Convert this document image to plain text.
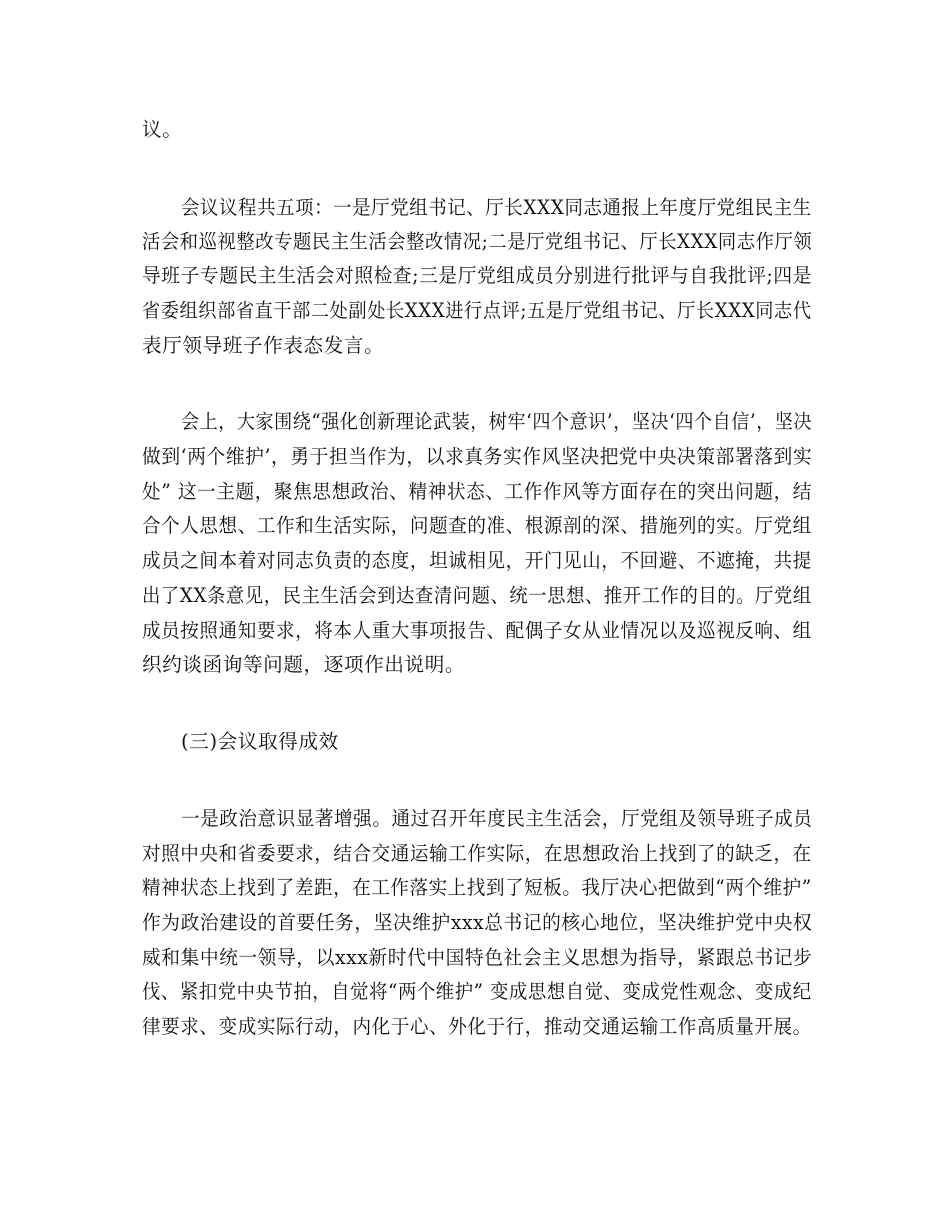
议。
会议议程共五项：一是厅党组书记、厅长XXX同志通报上年度厅党组民主生
活会和巡视整改专题民主生活会整改情况;二是厅党组书记、厅长XXX同志作厅领
导班子专题民主生活会对照检查;三是厅党组成员分别进行批评与自我批评;四是
省委组织部省直干部二处副处长XXX进行点评;五是厅党组书记、厅长XXX同志代
表厅领导班子作表态发言。
会上，大家围绕“强化创新理论武装，树牢‘四个意识’，坚决‘四个自信’，坚决
做到‘两个维护’，勇于担当作为，以求真务实作风坚决把党中央决策部署落到实
处” 这一主题，聚焦思想政治、精神状态、工作作风等方面存在的突出问题，结
合个人思想、工作和生活实际，问题查的准、根源剖的深、措施列的实。厅党组
成员之间本着对同志负责的态度，坦诚相见，开门见山，不回避、不遮掩，共提
出了XX条意见，民主生活会到达查清问题、统一思想、推开工作的目的。厅党组
成员按照通知要求，将本人重大事项报告、配偶子女从业情况以及巡视反响、组
织约谈函询等问题，逐项作出说明。
(三)会议取得成效
一是政治意识显著增强。通过召开年度民主生活会，厅党组及领导班子成员
对照中央和省委要求，结合交通运输工作实际，在思想政治上找到了的缺乏，在
精神状态上找到了差距，在工作落实上找到了短板。我厅决心把做到“两个维护”
作为政治建设的首要任务，坚决维护xxx总书记的核心地位，坚决维护党中央权
威和集中统一领导，以xxx新时代中国特色社会主义思想为指导，紧跟总书记步
伐、紧扣党中央节拍，自觉将“两个维护” 变成思想自觉、变成党性观念、变成纪
律要求、变成实际行动，内化于心、外化于行，推动交通运输工作高质量开展。
